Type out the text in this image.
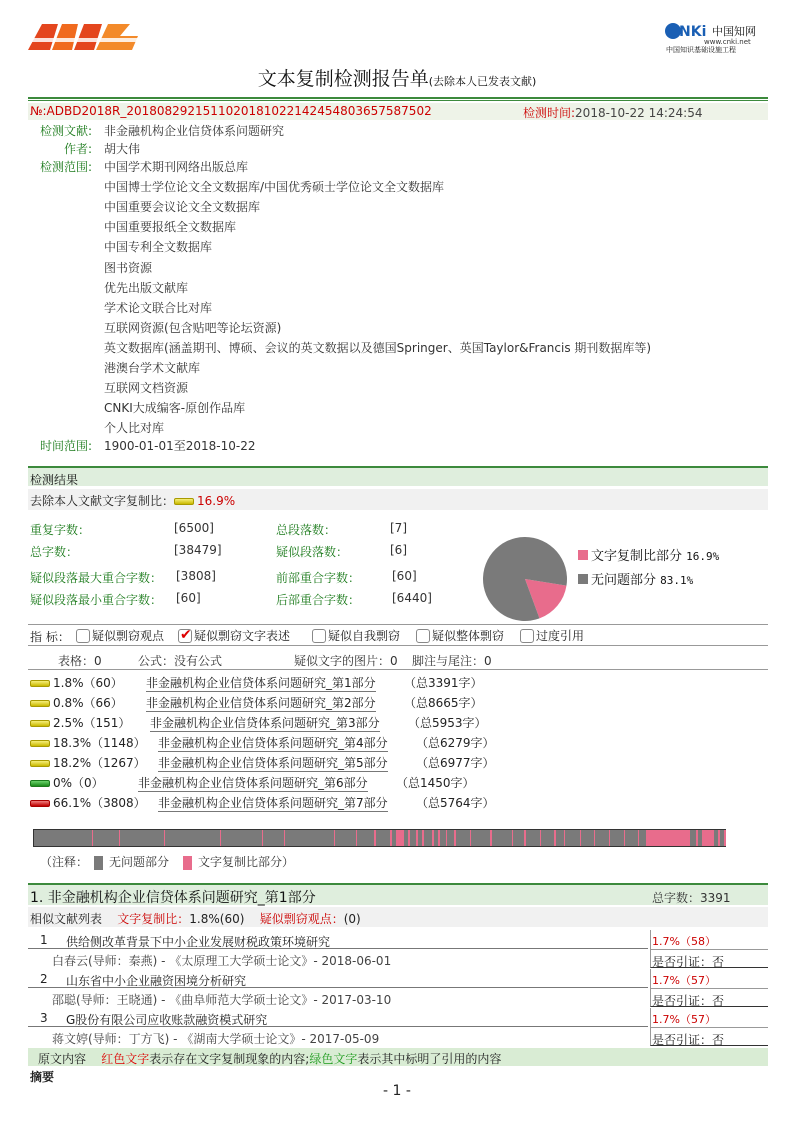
NKi 中国知网
www.cnki.net
中国知识基础设施工程
文本复制检测报告单(去除本人已发表文献)
№:ADBD2018R_2018082921511020181022142454803657587502	检测时间:2018-10-22 14:24:54
检测文献: 非金融机构企业信贷体系问题研究
作者: 胡大伟
检测范围: 中国学术期刊网络出版总库
中国博士学位论文全文数据库/中国优秀硕士学位论文全文数据库
中国重要会议论文全文数据库
中国重要报纸全文数据库
中国专利全文数据库
图书资源
优先出版文献库
学术论文联合比对库
互联网资源(包含贴吧等论坛资源)
英文数据库(涵盖期刊、博硕、会议的英文数据以及德国Springer、英国Taylor&Francis 期刊数据库等)
港澳台学术文献库
互联网文档资源
CNKI大成编客-原创作品库
个人比对库
时间范围: 1900-01-01至2018-10-22
检测结果
去除本人文献文字复制比： 16.9%
重复字数：	[6500]	总段落数：	[7]
总字数：	[38479]	疑似段落数：	[6]
疑似段落最大重合字数： [3808]	前部重合字数：	[60]
疑似段落最小重合字数： [60]	后部重合字数：	[6440]
文字复制比部分 16.9%
无问题部分 83.1%
指 标： 疑似剽窃观点
✔ 疑似剽窃文字表述	疑似自我剽窃	疑似整体剽窃	过度引用
表格：0	公式：没有公式	疑似文字的图片：0 脚注与尾注：0
1.8%（60） 非金融机构企业信贷体系问题研究_第1部分 （总3391字）
0.8%（66） 非金融机构企业信贷体系问题研究_第2部分 （总8665字）
2.5%（151） 非金融机构企业信贷体系问题研究_第3部分 （总5953字）
18.3%（1148） 非金融机构企业信贷体系问题研究_第4部分 （总6279字）
18.2%（1267） 非金融机构企业信贷体系问题研究_第5部分 （总6977字）
0%（0）	非金融机构企业信贷体系问题研究_第6部分 （总1450字）
66.1%（3808） 非金融机构企业信贷体系问题研究_第7部分 （总5764字）
（注释： 无问题部分 文字复制比部分）
1. 非金融机构企业信贷体系问题研究_第1部分	总字数：3391
相似文献列表 文字复制比：1.8%(60) 疑似剽窃观点：(0)
1 供给侧改革背景下中小企业发展财税政策环境研究
白春云(导师：秦燕) - 《太原理工大学硕士论文》- 2018-06-01
1.7%（58）
是否引证：否
2 山东省中小企业融资困境分析研究
邵聪(导师：王晓通) - 《曲阜师范大学硕士论文》- 2017-03-10
1.7%（57）
是否引证：否
3 G股份有限公司应收账款融资模式研究
蒋文婷(导师：丁方飞) - 《湖南大学硕士论文》- 2017-05-09
1.7%（57）
是否引证：否
原文内容 红色文字表示存在文字复制现象的内容;绿色文字表示其中标明了引用的内容
摘要
- 1 -
